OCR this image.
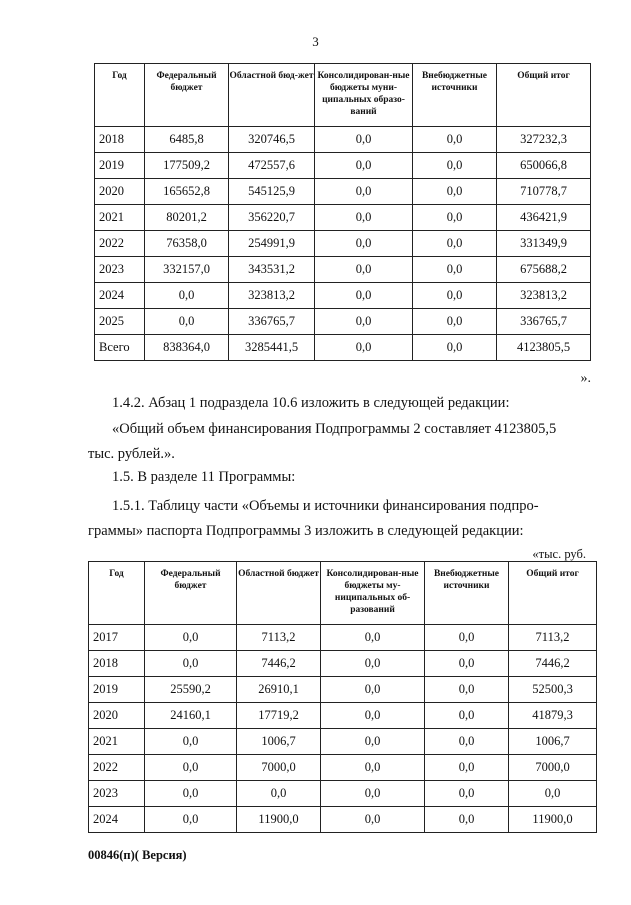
3
Год	Федеральный бюджет	Областной бюд-жет	Консолидирован-ные бюджеты муни-ципальных образо-ваний	Внебюджетные источники	Общий итог
2018	6485,8	320746,5	0,0	0,0	327232,3
2019	177509,2	472557,6	0,0	0,0	650066,8
2020	165652,8	545125,9	0,0	0,0	710778,7
2021	80201,2	356220,7	0,0	0,0	436421,9
2022	76358,0	254991,9	0,0	0,0	331349,9
2023	332157,0	343531,2	0,0	0,0	675688,2
2024	0,0	323813,2	0,0	0,0	323813,2
2025	0,0	336765,7	0,0	0,0	336765,7
Всего	838364,0	3285441,5	0,0	0,0	4123805,5
».

1.4.2. Абзац 1 подраздела 10.6 изложить в следующей редакции:

«Общий объем финансирования Подпрограммы 2 составляет 4123805,5
тыс. рублей.».

1.5. В разделе 11 Программы:

1.5.1. Таблицу части «Объемы и источники финансирования подпро-
граммы» паспорта Подпрограммы 3 изложить в следующей редакции:

«тыс. руб.
Год	Федеральный бюджет	Областной бюджет	Консолидирован-ные бюджеты му-ниципальных об-разований	Внебюджетные источники	Общий итог
2017	0,0	7113,2	0,0	0,0	7113,2
2018	0,0	7446,2	0,0	0,0	7446,2
2019	25590,2	26910,1	0,0	0,0	52500,3
2020	24160,1	17719,2	0,0	0,0	41879,3
2021	0,0	1006,7	0,0	0,0	1006,7
2022	0,0	7000,0	0,0	0,0	7000,0
2023	0,0	0,0	0,0	0,0	0,0
2024	0,0	11900,0	0,0	0,0	11900,0
00846(п)( Версия)
